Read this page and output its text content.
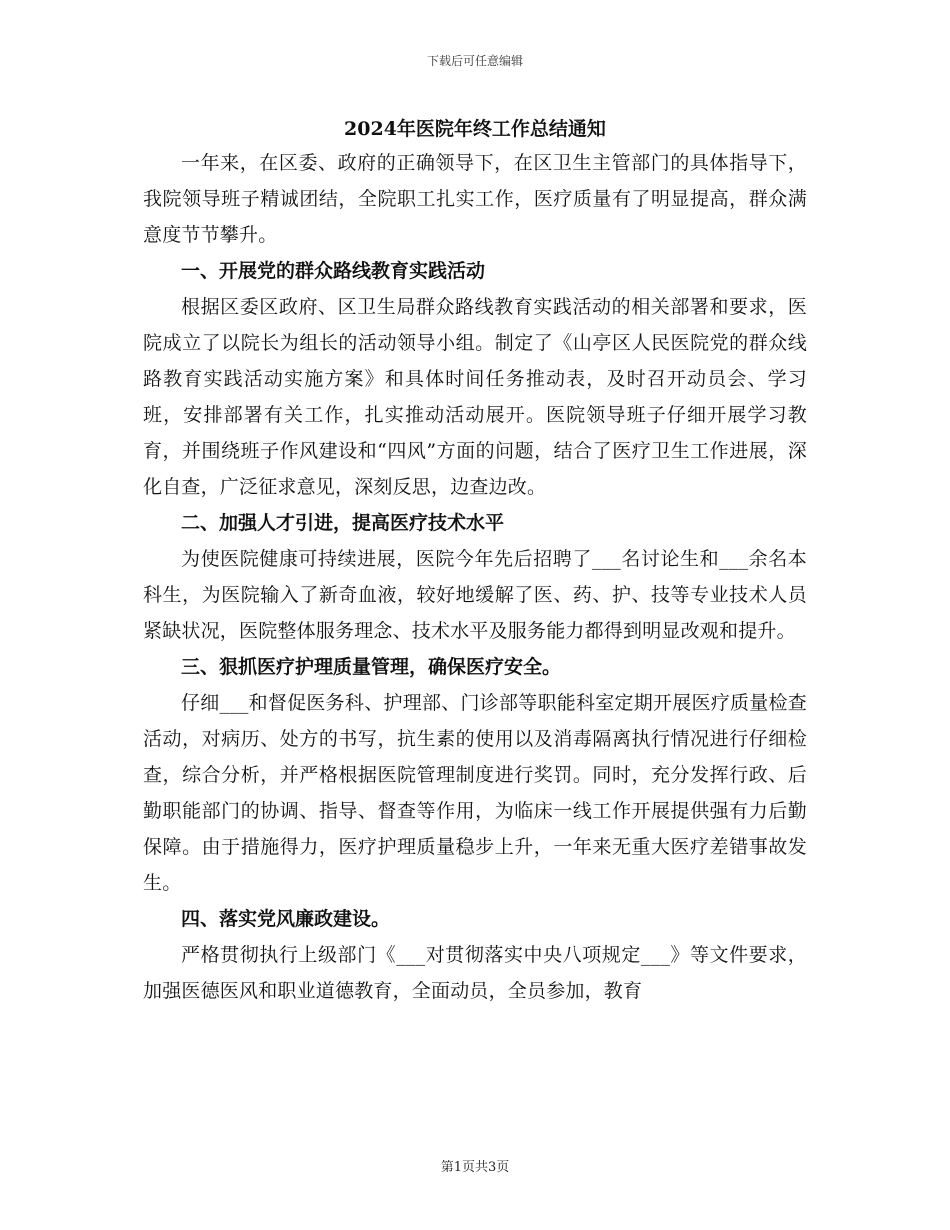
下载后可任意编辑
2024年医院年终工作总结通知

一年来，在区委、政府的正确领导下，在区卫生主管部门的具体指导下，我院领导班子精诚团结，全院职工扎实工作，医疗质量有了明显提高，群众满意度节节攀升。

一、开展党的群众路线教育实践活动

根据区委区政府、区卫生局群众路线教育实践活动的相关部署和要求，医院成立了以院长为组长的活动领导小组。制定了《山亭区人民医院党的群众线路教育实践活动实施方案》和具体时间任务推动表，及时召开动员会、学习班，安排部署有关工作，扎实推动活动展开。医院领导班子仔细开展学习教育，并围绕班子作风建设和“四风”方面的问题，结合了医疗卫生工作进展，深化自查，广泛征求意见，深刻反思，边查边改。

二、加强人才引进，提高医疗技术水平

为使医院健康可持续进展，医院今年先后招聘了___名讨论生和___余名本科生，为医院输入了新奇血液，较好地缓解了医、药、护、技等专业技术人员紧缺状况，医院整体服务理念、技术水平及服务能力都得到明显改观和提升。

三、狠抓医疗护理质量管理，确保医疗安全。

仔细___和督促医务科、护理部、门诊部等职能科室定期开展医疗质量检查活动，对病历、处方的书写，抗生素的使用以及消毒隔离执行情况进行仔细检查，综合分析，并严格根据医院管理制度进行奖罚。同时，充分发挥行政、后勤职能部门的协调、指导、督查等作用，为临床一线工作开展提供强有力后勤保障。由于措施得力，医疗护理质量稳步上升，一年来无重大医疗差错事故发生。

四、落实党风廉政建设。

严格贯彻执行上级部门《___对贯彻落实中央八项规定___》等文件要求，加强医德医风和职业道德教育，全面动员，全员参加，教育

第1页共3页
